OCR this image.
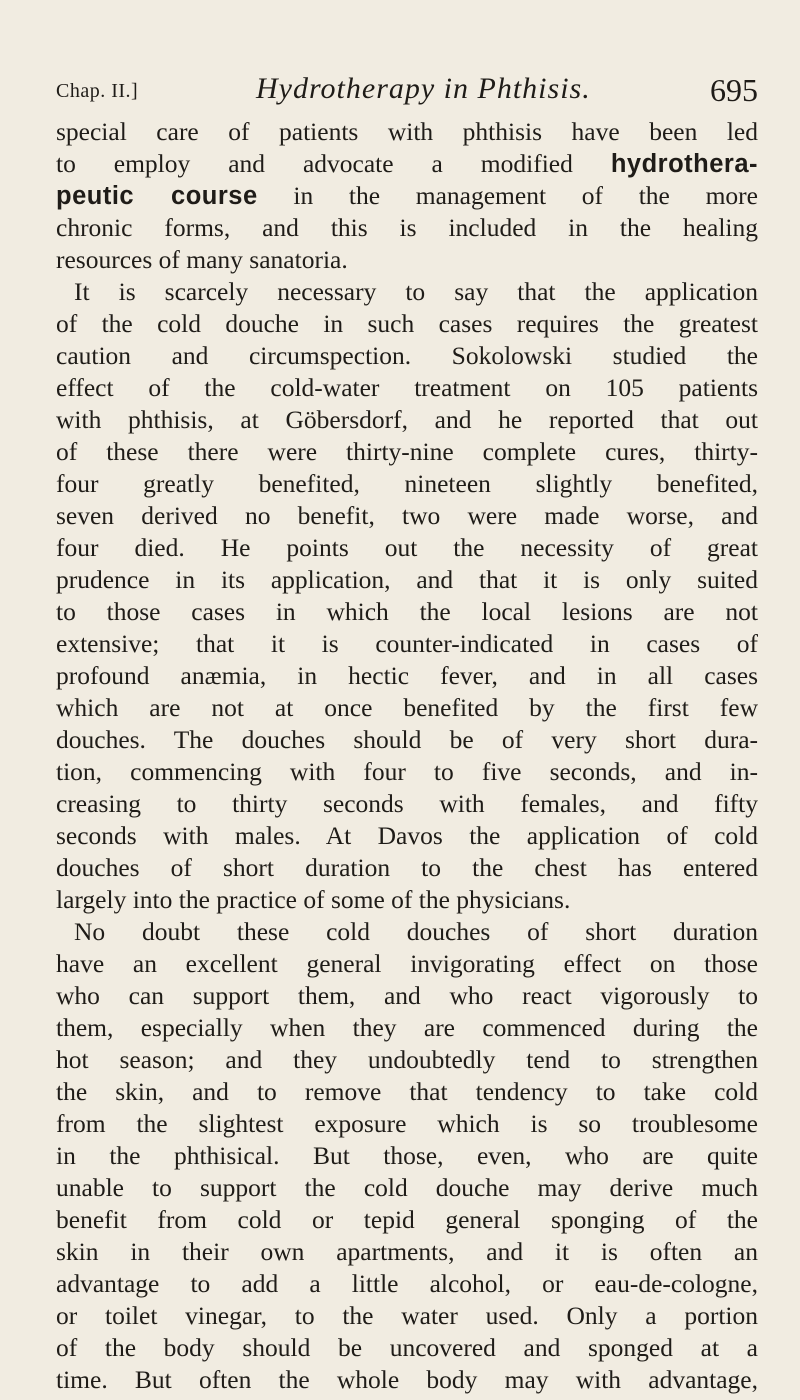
Chap. II.]	Hydrotherapy in Phthisis.	695
special care of patients with phthisis have been led
to employ and advocate a modified hydrothera-
peutic course in the management of the more
chronic forms, and this is included in the healing
resources of many sanatoria.
It is scarcely necessary to say that the application
of the cold douche in such cases requires the greatest
caution and circumspection. Sokolowski studied the
effect of the cold-water treatment on 105 patients
with phthisis, at Göbersdorf, and he reported that out
of these there were thirty-nine complete cures, thirty-
four greatly benefited, nineteen slightly benefited,
seven derived no benefit, two were made worse, and
four died. He points out the necessity of great
prudence in its application, and that it is only suited
to those cases in which the local lesions are not
extensive; that it is counter-indicated in cases of
profound anæmia, in hectic fever, and in all cases
which are not at once benefited by the first few
douches. The douches should be of very short dura-
tion, commencing with four to five seconds, and in-
creasing to thirty seconds with females, and fifty
seconds with males. At Davos the application of cold
douches of short duration to the chest has entered
largely into the practice of some of the physicians.
No doubt these cold douches of short duration
have an excellent general invigorating effect on those
who can support them, and who react vigorously to
them, especially when they are commenced during the
hot season; and they undoubtedly tend to strengthen
the skin, and to remove that tendency to take cold
from the slightest exposure which is so troublesome
in the phthisical. But those, even, who are quite
unable to support the cold douche may derive much
benefit from cold or tepid general sponging of the
skin in their own apartments, and it is often an
advantage to add a little alcohol, or eau-de-cologne,
or toilet vinegar, to the water used. Only a portion
of the body should be uncovered and sponged at a
time. But often the whole body may with advantage,
